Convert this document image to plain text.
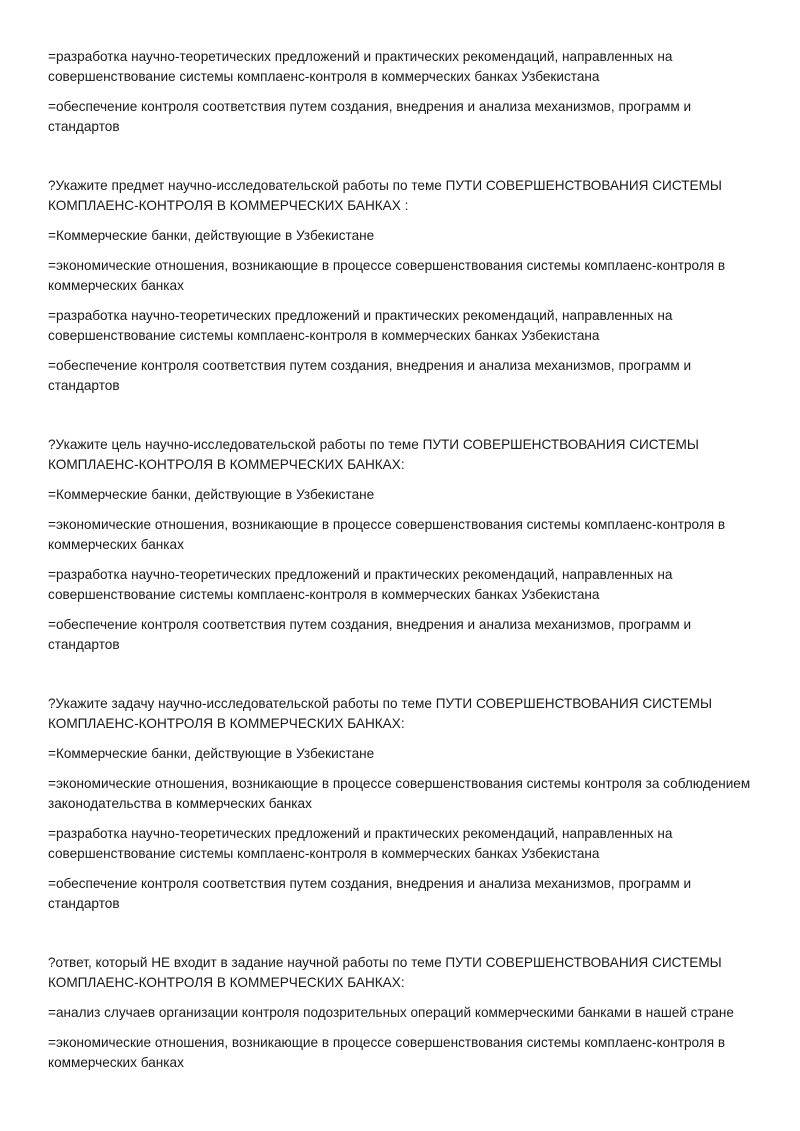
=разработка научно-теоретических предложений и практических рекомендаций, направленных на
совершенствование системы комплаенс-контроля в коммерческих банках Узбекистана

=обеспечение контроля соответствия путем создания, внедрения и анализа механизмов, программ и
стандартов

?Укажите предмет научно-исследовательской работы по теме ПУТИ СОВЕРШЕНСТВОВАНИЯ СИСТЕМЫ
КОМПЛАЕНС-КОНТРОЛЯ В КОММЕРЧЕСКИХ БАНКАХ :

=Коммерческие банки, действующие в Узбекистане

=экономические отношения, возникающие в процессе совершенствования системы комплаенс-контроля в
коммерческих банках

=разработка научно-теоретических предложений и практических рекомендаций, направленных на
совершенствование системы комплаенс-контроля в коммерческих банках Узбекистана

=обеспечение контроля соответствия путем создания, внедрения и анализа механизмов, программ и
стандартов

?Укажите цель научно-исследовательской работы по теме ПУТИ СОВЕРШЕНСТВОВАНИЯ СИСТЕМЫ
КОМПЛАЕНС-КОНТРОЛЯ В КОММЕРЧЕСКИХ БАНКАХ:

=Коммерческие банки, действующие в Узбекистане

=экономические отношения, возникающие в процессе совершенствования системы комплаенс-контроля в
коммерческих банках

=разработка научно-теоретических предложений и практических рекомендаций, направленных на
совершенствование системы комплаенс-контроля в коммерческих банках Узбекистана

=обеспечение контроля соответствия путем создания, внедрения и анализа механизмов, программ и
стандартов

?Укажите задачу научно-исследовательской работы по теме ПУТИ СОВЕРШЕНСТВОВАНИЯ СИСТЕМЫ
КОМПЛАЕНС-КОНТРОЛЯ В КОММЕРЧЕСКИХ БАНКАХ:

=Коммерческие банки, действующие в Узбекистане

=экономические отношения, возникающие в процессе совершенствования системы контроля за соблюдением
законодательства в коммерческих банках

=разработка научно-теоретических предложений и практических рекомендаций, направленных на
совершенствование системы комплаенс-контроля в коммерческих банках Узбекистана

=обеспечение контроля соответствия путем создания, внедрения и анализа механизмов, программ и
стандартов

?ответ, который НЕ входит в задание научной работы по теме ПУТИ СОВЕРШЕНСТВОВАНИЯ СИСТЕМЫ
КОМПЛАЕНС-КОНТРОЛЯ В КОММЕРЧЕСКИХ БАНКАХ:

=анализ случаев организации контроля подозрительных операций коммерческими банками в нашей стране

=экономические отношения, возникающие в процессе совершенствования системы комплаенс-контроля в
коммерческих банках
